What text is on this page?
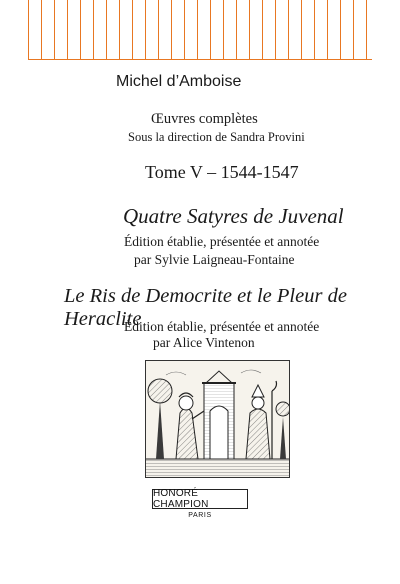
Michel d’Amboise
Œuvres complètes
Sous la direction de Sandra Provini
Tome V – 1544-1547
Quatre Satyres de Juvenal
Édition établie, présentée et annotée
par Sylvie Laigneau-Fontaine
Le Ris de Democrite et le Pleur de Heraclite
Édition établie, présentée et annotée
par Alice Vintenon
HONORÉ CHAMPION
PARIS
